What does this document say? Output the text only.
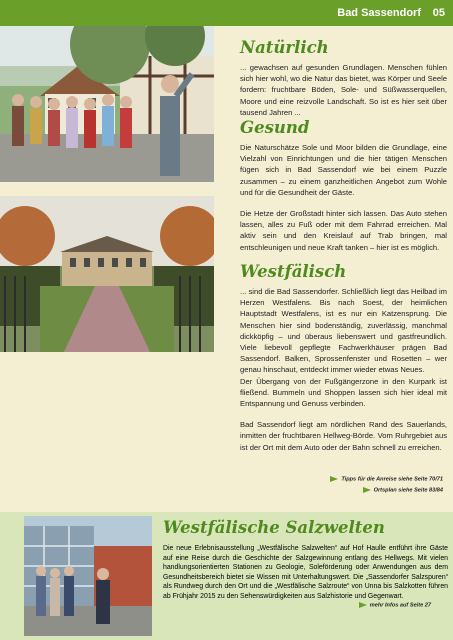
Bad Sassendorf 05
Natürlich

... gewachsen auf gesunden Grundlagen. Menschen fühlen sich hier wohl, wo die Natur das bietet, was Körper und Seele fordern: fruchtbare Böden, Sole- und Süßwasserquellen, Moore und eine reizvolle Landschaft. So ist es hier seit über tausend Jahren ...

Gesund

Die Naturschätze Sole und Moor bilden die Grundlage, eine Vielzahl von Einrichtungen und die hier tätigen Menschen fügen sich in Bad Sassendorf wie bei einem Puzzle zusammen – zu einem ganzheitlichen Angebot zum Wohle und für die Gesundheit der Gäste.

Die Hetze der Großstadt hinter sich lassen. Das Auto stehen lassen, alles zu Fuß oder mit dem Fahrrad erreichen. Mal aktiv sein und den Kreislauf auf Trab bringen, mal entschleunigen und neue Kraft tanken – hier ist es möglich.

Westfälisch

... sind die Bad Sassendorfer. Schließlich liegt das Heilbad im Herzen Westfalens. Bis nach Soest, der heimlichen Hauptstadt Westfalens, ist es nur ein Katzensprung. Die Menschen hier sind bodenständig, zuverlässig, manchmal dickköpfig – und überaus liebenswert und gastfreundlich. Viele liebevoll gepflegte Fachwerkhäuser prägen Bad Sassendorf. Balken, Sprossenfenster und Rosetten – wer genau hinschaut, entdeckt immer wieder etwas Neues.

Der Übergang von der Fußgängerzone in den Kurpark ist fließend. Bummeln und Shoppen lassen sich hier ideal mit Entspannung und Genuss verbinden.

Bad Sassendorf liegt am nördlichen Rand des Sauerlands, inmitten der fruchtbaren Hellweg-Börde. Vom Ruhrgebiet aus ist der Ort mit dem Auto oder der Bahn schnell zu erreichen.

Tipps für die Anreise siehe Seite 70/71
Ortsplan siehe Seite 83/84
Westfälische Salzwelten

Die neue Erlebnisausstellung „Westfälische Salzwelten“ auf Hof Haulle entführt ihre Gäste auf eine Reise durch die Geschichte der Salzgewinnung entlang des Hellwegs. Mit vielen handlungsorientierten Stationen zu Geologie, Soleförderung oder Anwendungen aus dem Gesundheitsbereich bietet sie Wissen mit Unterhaltungswert. Die „Sassendorfer Salzspuren“ als Rundweg durch den Ort und die „Westfälische Salzroute“ von Unna bis Salzkotten führen ab Frühjahr 2015 zu den Sehenswürdigkeiten aus Salzhistorie und Gegenwart.

mehr Infos auf Seite 27
